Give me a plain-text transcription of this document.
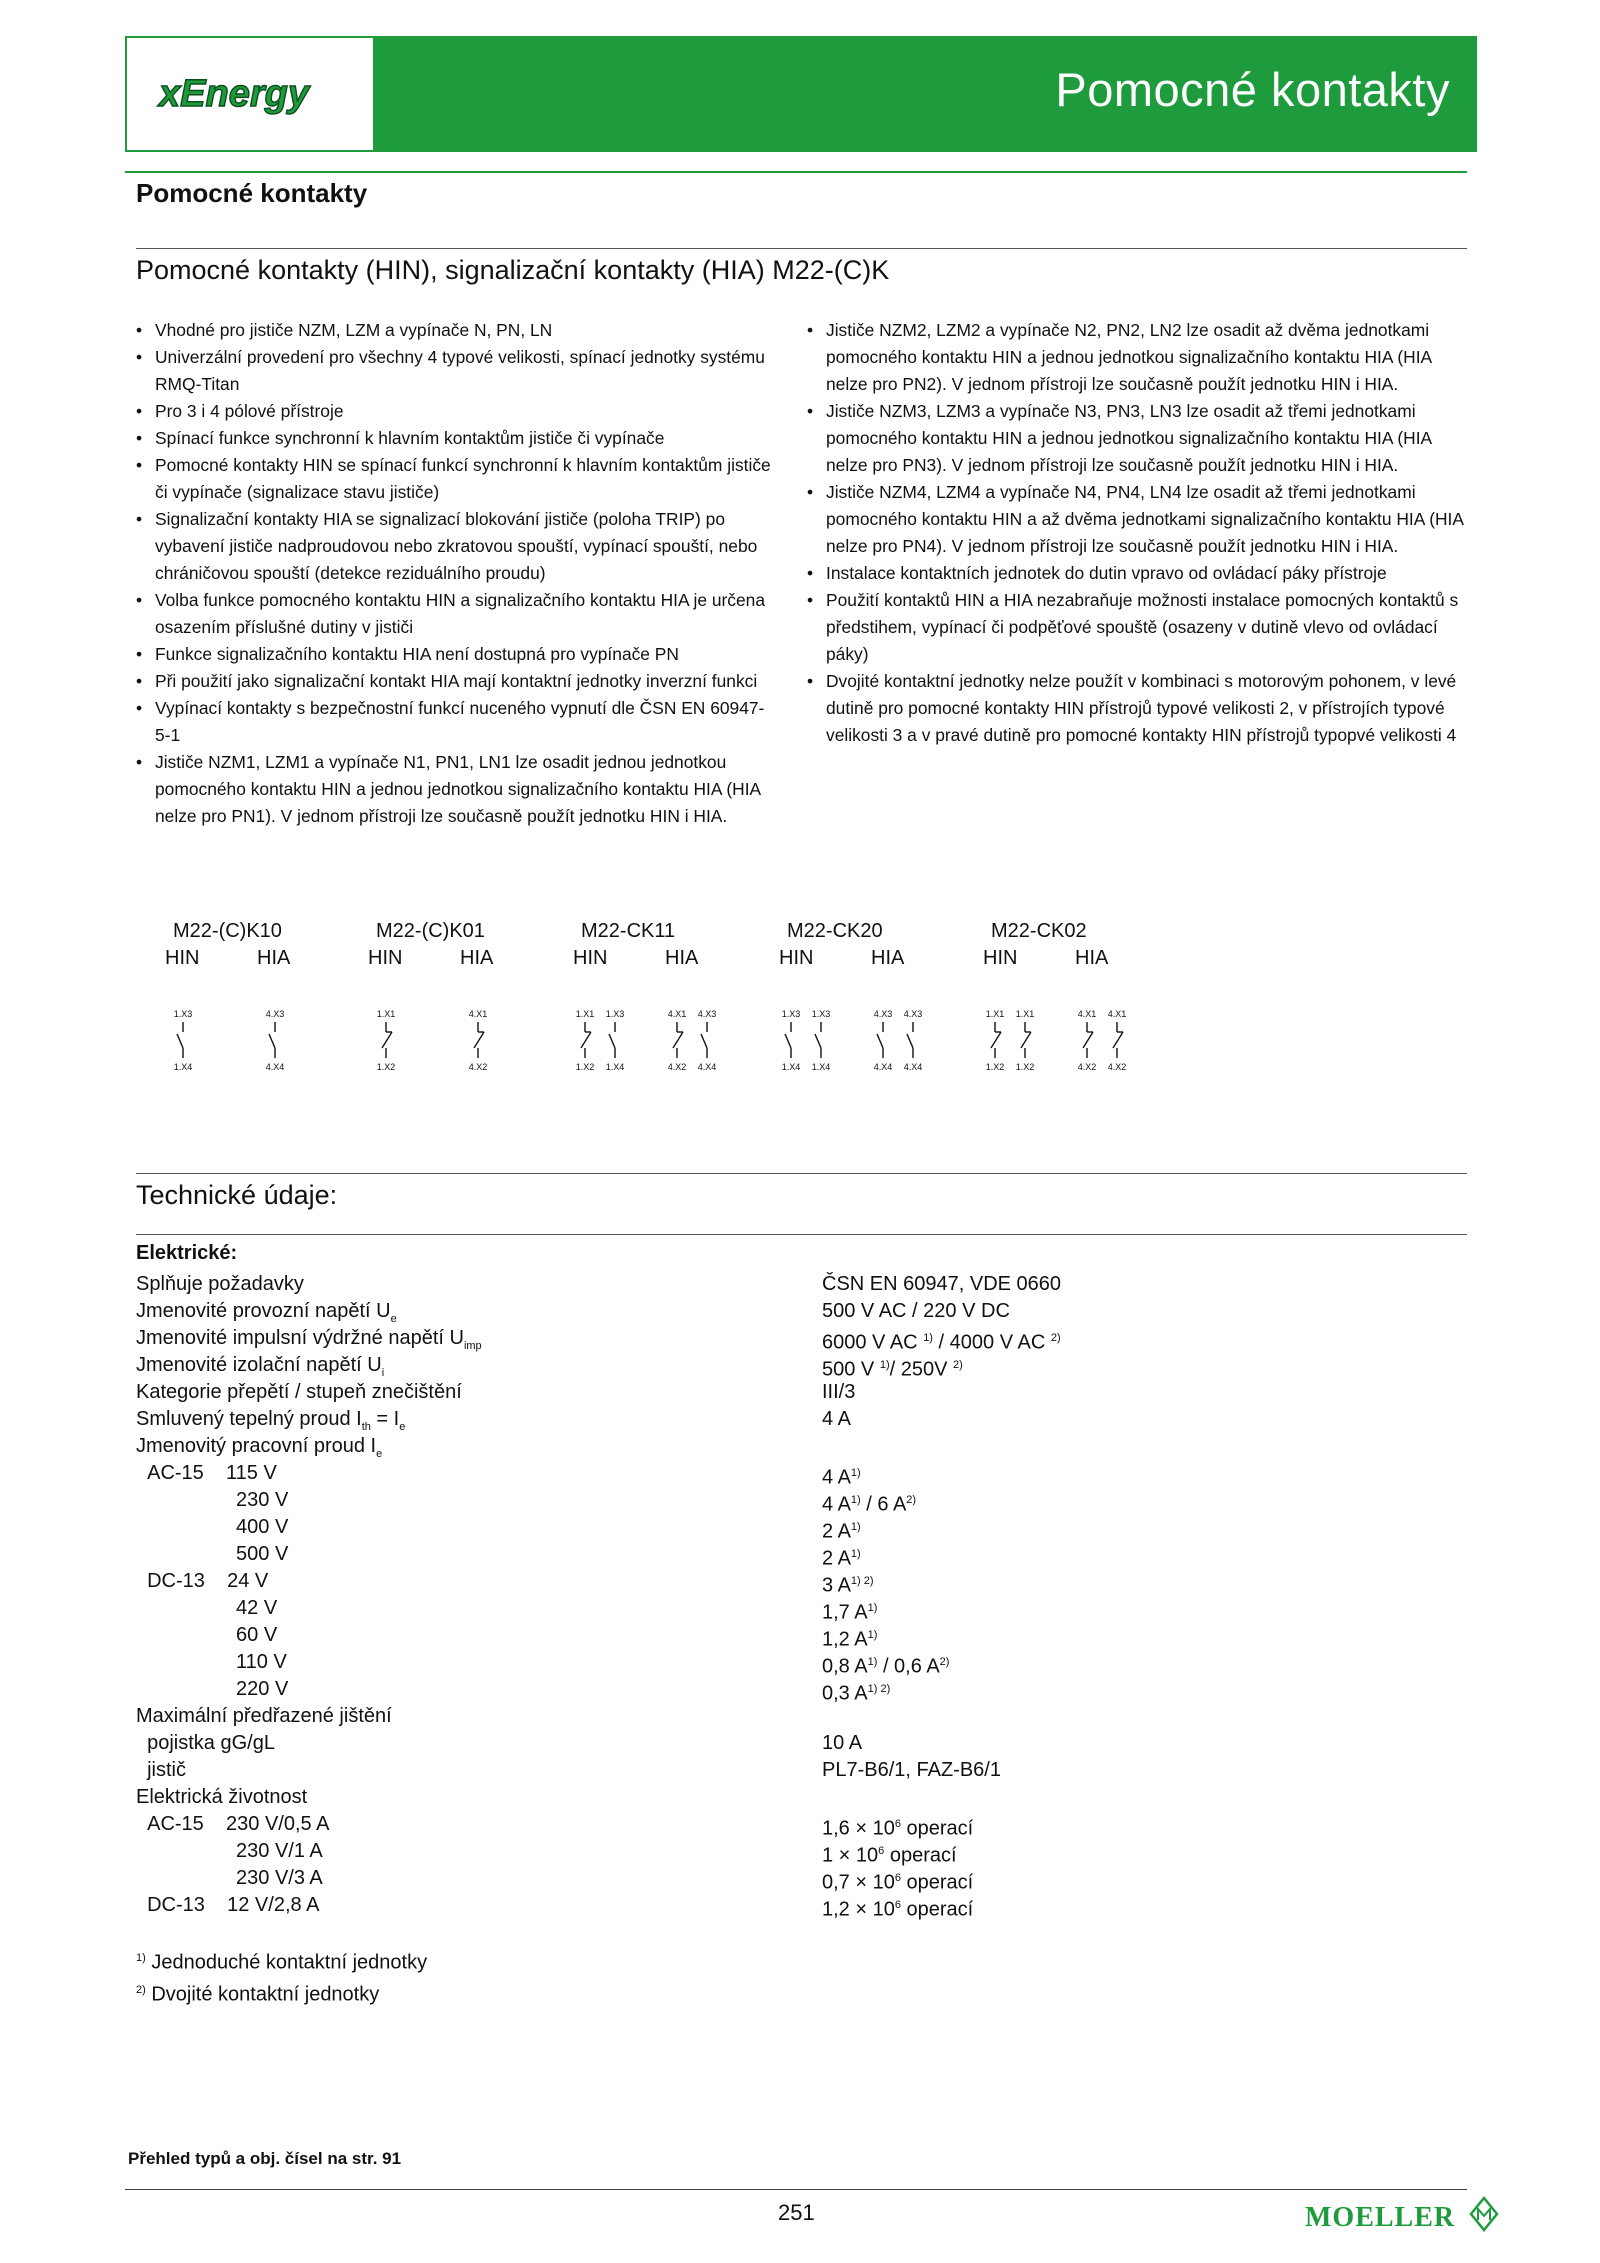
xEnergy	Pomocné kontakty
Pomocné kontakty
Pomocné kontakty (HIN), signalizační kontakty (HIA) M22-(C)K
• Vhodné pro jističe NZM, LZM a vypínače N, PN, LN
• Univerzální provedení pro všechny 4 typové velikosti, spínací jednotky systému RMQ-Titan
• Pro 3 i 4 pólové přístroje
• Spínací funkce synchronní k hlavním kontaktům jističe či vypínače
• Pomocné kontakty HIN se spínací funkcí synchronní k hlavním kontaktům jističe či vypínače (signalizace stavu jističe)
• Signalizační kontakty HIA se signalizací blokování jističe (poloha TRIP) po vybavení jističe nadproudovou nebo zkratovou spouští, vypínací spouští, nebo chráničovou spouští (detekce reziduálního proudu)
• Volba funkce pomocného kontaktu HIN a signalizačního kontaktu HIA je určena osazením příslušné dutiny v jističi
• Funkce signalizačního kontaktu HIA není dostupná pro vypínače PN
• Při použití jako signalizační kontakt HIA mají kontaktní jednotky inverzní funkci
• Vypínací kontakty s bezpečnostní funkcí nuceného vypnutí dle ČSN EN 60947-5-1
• Jističe NZM1, LZM1 a vypínače N1, PN1, LN1 lze osadit jednou jednotkou pomocného kontaktu HIN a jednou jednotkou signalizačního kontaktu HIA (HIA nelze pro PN1). V jednom přístroji lze současně použít jednotku HIN i HIA.
• Jističe NZM2, LZM2 a vypínače N2, PN2, LN2 lze osadit až dvěma jednotkami pomocného kontaktu HIN a jednou jednotkou signalizačního kontaktu HIA (HIA nelze pro PN2). V jednom přístroji lze současně použít jednotku HIN i HIA.
• Jističe NZM3, LZM3 a vypínače N3, PN3, LN3 lze osadit až třemi jednotkami pomocného kontaktu HIN a jednou jednotkou signalizačního kontaktu HIA (HIA nelze pro PN3). V jednom přístroji lze současně použít jednotku HIN i HIA.
• Jističe NZM4, LZM4 a vypínače N4, PN4, LN4 lze osadit až třemi jednotkami pomocného kontaktu HIN a až dvěma jednotkami signalizačního kontaktu HIA (HIA nelze pro PN4). V jednom přístroji lze současně použít jednotku HIN i HIA.
• Instalace kontaktních jednotek do dutin vpravo od ovládací páky přístroje
• Použití kontaktů HIN a HIA nezabraňuje možnosti instalace pomocných kontaktů s předstihem, vypínací či podpěťové spouště (osazeny v dutině vlevo od ovládací páky)
• Dvojité kontaktní jednotky nelze použít v kombinaci s motorovým pohonem, v levé dutině pro pomocné kontakty HIN přístrojů typové velikosti 2, v přístrojích typové velikosti 3 a v pravé dutině pro pomocné kontakty HIN přístrojů typopvé velikosti 4
M22-(C)K10
HIN	HIA
1.X3
1.X4
4.X3
4.X4
M22-(C)K01
HIN	HIA
1.X1
1.X2
4.X1
4.X2
M22-CK11
HIN	HIA
1.X1
1.X2
1.X3
1.X4
4.X1
4.X2
4.X3
4.X4
M22-CK20
HIN	HIA
1.X3
1.X4
1.X3
1.X4
4.X3
4.X4
4.X3
4.X4
M22-CK02
HIN	HIA
1.X1
1.X2
1.X1
1.X2
4.X1
4.X2
4.X1
4.X2
Technické údaje:
Elektrické:
Splňuje požadavky	ČSN EN 60947, VDE 0660
Jmenovité provozní napětí $U_e$	500 V AC / 220 V DC
Jmenovité impulsní výdržné napětí $U_{imp}$	6000 V AC $^{1)}$ / 4000 V AC $^{2)}$
Jmenovité izolační napětí $U_i$	500 V $^{1)}$/ 250V $^{2)}$
Kategorie přepětí / stupeň znečištění	III/3
Smluvený tepelný proud $I_{th} = I_e$	4 A
Jmenovitý pracovní proud $I_e$
AC-15    115 V	4 $A^{1)}$
230 V	4 $A^{1)} / 6$ $A^{2)}$
400 V	2 $A^{1)}$
500 V	2 $A^{1)}$
DC-13    24 V	3 $A^{1) 2)}$
42 V	1,7 $A^{1)}$
60 V	1,2 $A^{1)}$
110 V	0,8 $A^{1)} / 0,6$ $A^{2)}$
220 V	0,3 $A^{1) 2)}$
Maximální předřazené jištění
pojistka gG/gL	10 A
jistič	PL7-B6/1, FAZ-B6/1
Elektrická životnost
AC-15    230 V/0,5 A	$1,6 \times 10^6$ operací
230 V/1 A	$1 \times 10^6$ operací
230 V/3 A	$0,7 \times 10^6$ operací
DC-13    12 V/2,8 A	$1,2 \times 10^6$ operací
$^{1)}$ Jednoduché kontaktní jednotky
$^{2)}$ Dvojité kontaktní jednotky
Přehled typů a obj. čísel na str. 91
251	MOELLER
